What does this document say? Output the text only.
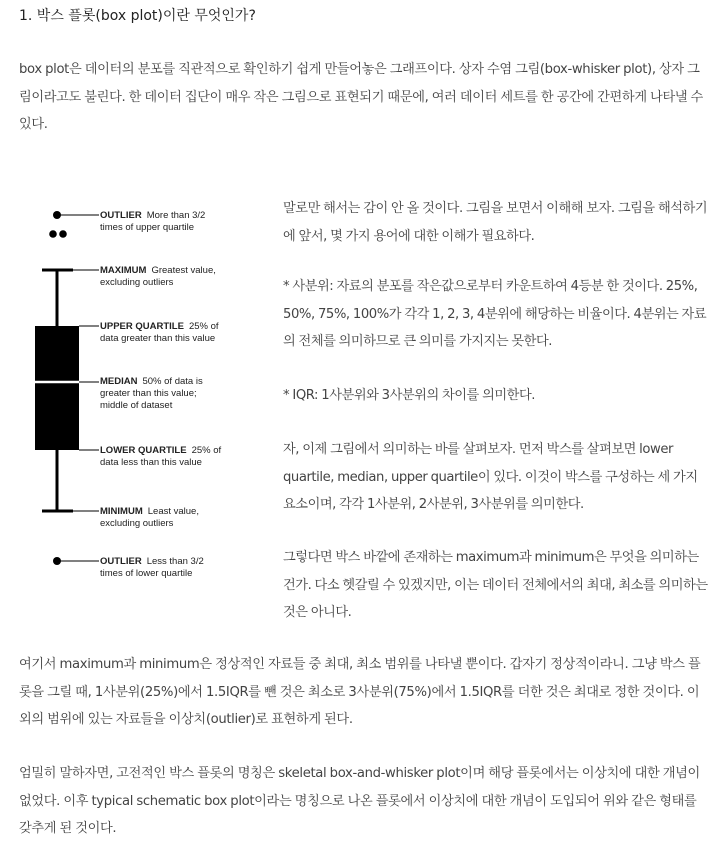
1. 박스 플롯(box plot)이란 무엇인가?

box plot은 데이터의 분포를 직관적으로 확인하기 쉽게 만들어놓은 그래프이다. 상자 수염 그림(box-whisker plot), 상자 그림이라고도 불린다. 한 데이터 집단이 매우 작은 그림으로 표현되기 때문에, 여러 데이터 세트를 한 공간에 간편하게 나타낼 수 있다.

OUTLIER More than 3/2
times of upper quartile
MAXIMUM Greatest value,
excluding outliers
UPPER QUARTILE 25% of
data greater than this value
MEDIAN 50% of data is
greater than this value;
middle of dataset
LOWER QUARTILE 25% of
data less than this value
MINIMUM Least value,
excluding outliers
OUTLIER Less than 3/2
times of lower quartile

말로만 해서는 감이 안 올 것이다. 그림을 보면서 이해해 보자. 그림을 해석하기에 앞서, 몇 가지 용어에 대한 이해가 필요하다.

* 사분위: 자료의 분포를 작은값으로부터 카운트하여 4등분 한 것이다. 25%, 50%, 75%, 100%가 각각 1, 2, 3, 4분위에 해당하는 비율이다. 4분위는 자료의 전체를 의미하므로 큰 의미를 가지지는 못한다.

* IQR: 1사분위와 3사분위의 차이를 의미한다.

자, 이제 그림에서 의미하는 바를 살펴보자. 먼저 박스를 살펴보면 lower quartile, median, upper quartile이 있다. 이것이 박스를 구성하는 세 가지 요소이며, 각각 1사분위, 2사분위, 3사분위를 의미한다.

그렇다면 박스 바깥에 존재하는 maximum과 minimum은 무엇을 의미하는 건가. 다소 헷갈릴 수 있겠지만, 이는 데이터 전체에서의 최대, 최소를 의미하는 것은 아니다.

여기서 maximum과 minimum은 정상적인 자료들 중 최대, 최소 범위를 나타낼 뿐이다. 갑자기 정상적이라니. 그냥 박스 플롯을 그릴 때, 1사분위(25%)에서 1.5IQR를 뺀 것은 최소로 3사분위(75%)에서 1.5IQR를 더한 것은 최대로 정한 것이다. 이외의 범위에 있는 자료들을 이상치(outlier)로 표현하게 된다.

엄밀히 말하자면, 고전적인 박스 플롯의 명칭은 skeletal box-and-whisker plot이며 해당 플롯에서는 이상치에 대한 개념이 없었다. 이후 typical schematic box plot이라는 명칭으로 나온 플롯에서 이상치에 대한 개념이 도입되어 위와 같은 형태를 갖추게 된 것이다.
